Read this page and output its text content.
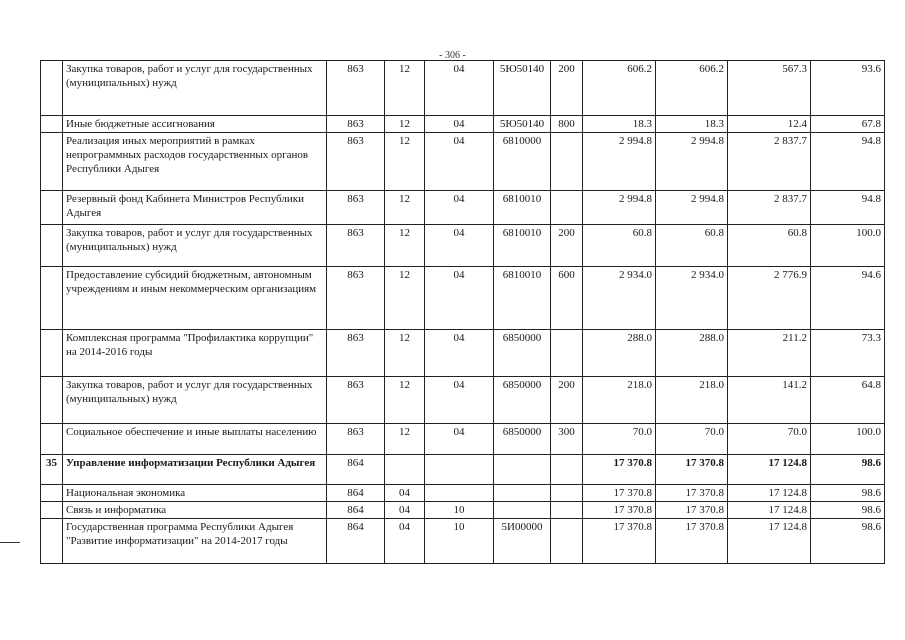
- 306 -
	Закупка товаров, работ и услуг для государственных (муниципальных) нужд	863	12	04	5Ю50140	200	606.2	606.2	567.3	93.6
	Иные бюджетные ассигнования	863	12	04	5Ю50140	800	18.3	18.3	12.4	67.8
	Реализация иных мероприятий в рамках непрограммных расходов государственных органов Республики Адыгея	863	12	04	6810000		2 994.8	2 994.8	2 837.7	94.8
	Резервный фонд Кабинета Министров Республики Адыгея	863	12	04	6810010		2 994.8	2 994.8	2 837.7	94.8
	Закупка товаров, работ и услуг для государственных (муниципальных) нужд	863	12	04	6810010	200	60.8	60.8	60.8	100.0
	Предоставление субсидий бюджетным, автономным учреждениям и иным некоммерческим организациям	863	12	04	6810010	600	2 934.0	2 934.0	2 776.9	94.6
	Комплексная программа "Профилактика коррупции" на 2014-2016 годы	863	12	04	6850000		288.0	288.0	211.2	73.3
	Закупка товаров, работ и услуг для государственных (муниципальных) нужд	863	12	04	6850000	200	218.0	218.0	141.2	64.8
	Социальное обеспечение и иные выплаты населению	863	12	04	6850000	300	70.0	70.0	70.0	100.0
35	Управление информатизации Республики Адыгея	864					17 370.8	17 370.8	17 124.8	98.6
	Национальная экономика	864	04				17 370.8	17 370.8	17 124.8	98.6
	Связь и информатика	864	04	10			17 370.8	17 370.8	17 124.8	98.6
	Государственная программа Республики Адыгея "Развитие информатизации" на 2014-2017 годы	864	04	10	5И00000		17 370.8	17 370.8	17 124.8	98.6
